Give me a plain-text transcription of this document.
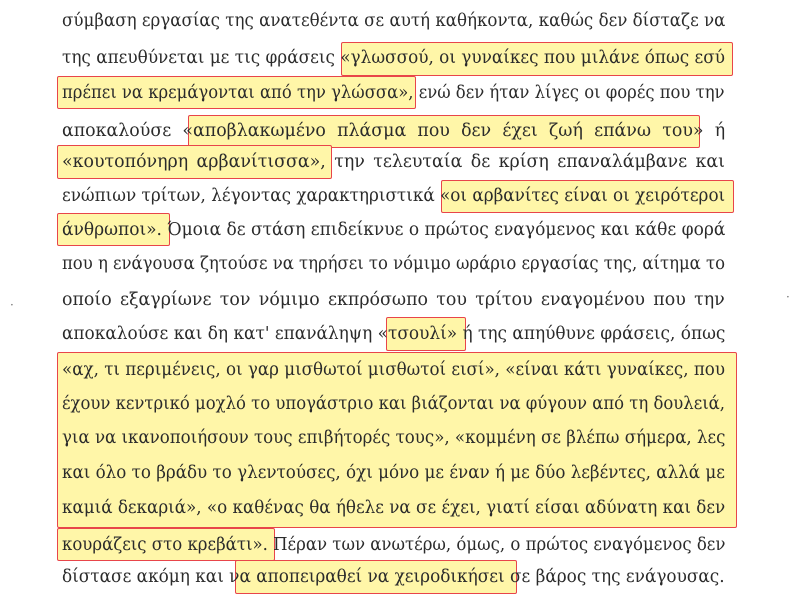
·
·
σύμβαση εργασίας της ανατεθέντα σε αυτή καθήκοντα, καθώς δεν δίσταζε να
της απευθύνεται με τις φράσεις «γλωσσού, οι γυναίκες που μιλάνε όπως εσύ
πρέπει να κρεμάγονται από την γλώσσα», ενώ δεν ήταν λίγες οι φορές που την
αποκαλούσε «αποβλακωμένο πλάσμα που δεν έχει ζωή επάνω του» ή
«κουτοπόνηρη αρβανίτισσα», την τελευταία δε κρίση επαναλάμβανε και
ενώπιων τρίτων, λέγοντας χαρακτηριστικά «οι αρβανίτες είναι οι χειρότεροι
άνθρωποι». Όμοια δε στάση επιδείκνυε ο πρώτος εναγόμενος και κάθε φορά
που η ενάγουσα ζητούσε να τηρήσει το νόμιμο ωράριο εργασίας της, αίτημα το
οποίο εξαγρίωνε τον νόμιμο εκπρόσωπο του τρίτου εναγομένου που την
αποκαλούσε και δη κατ' επανάληψη «τσουλί» ή της απηύθυνε φράσεις, όπως
«αχ, τι περιμένεις, οι γαρ μισθωτοί μισθωτοί εισί», «είναι κάτι γυναίκες, που
έχουν κεντρικό μοχλό το υπογάστριο και βιάζονται να φύγουν από τη δουλειά,
για να ικανοποιήσουν τους επιβήτορές τους», «κομμένη σε βλέπω σήμερα, λες
και όλο το βράδυ το γλεντούσες, όχι μόνο με έναν ή με δύο λεβέντες, αλλά με
καμιά δεκαριά», «ο καθένας θα ήθελε να σε έχει, γιατί είσαι αδύνατη και δεν
κουράζεις στο κρεβάτι». Πέραν των ανωτέρω, όμως, ο πρώτος εναγόμενος δεν
δίστασε ακόμη και να αποπειραθεί να χειροδικήσει σε βάρος της ενάγουσας.
